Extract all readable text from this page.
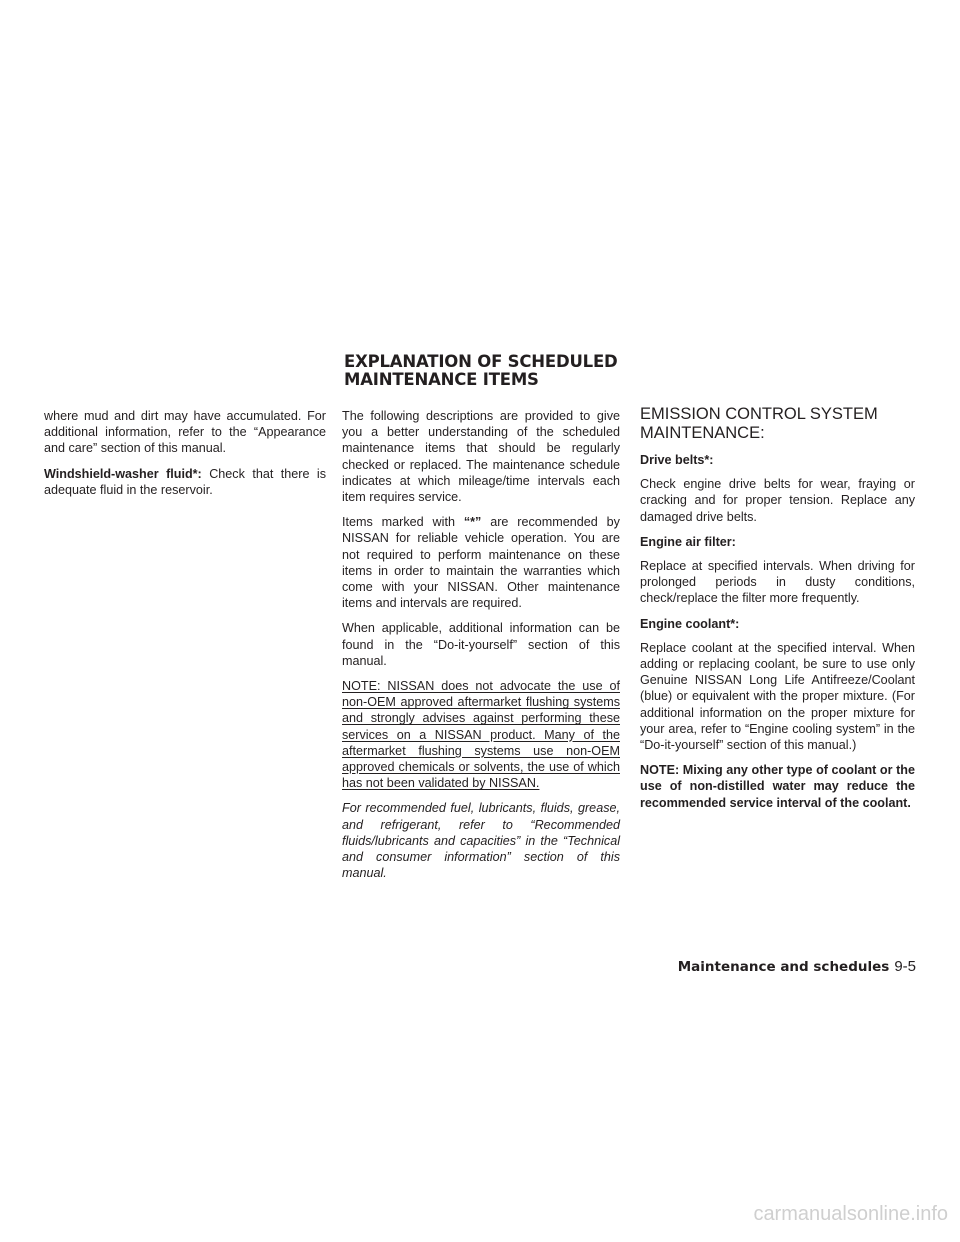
EXPLANATION OF SCHEDULED
MAINTENANCE ITEMS

where mud and dirt may have accumulated. For additional information, refer to the “Appearance and care” section of this manual.

Windshield-washer fluid*: Check that there is adequate fluid in the reservoir.

The following descriptions are provided to give you a better understanding of the scheduled maintenance items that should be regularly checked or replaced. The maintenance schedule indicates at which mileage/time intervals each item requires service.

Items marked with “*” are recommended by NISSAN for reliable vehicle operation. You are not required to perform maintenance on these items in order to maintain the warranties which come with your NISSAN. Other maintenance items and intervals are required.

When applicable, additional information can be found in the “Do-it-yourself” section of this manual.

NOTE: NISSAN does not advocate the use of non-OEM approved aftermarket flushing systems and strongly advises against performing these services on a NISSAN product. Many of the aftermarket flushing systems use non-OEM approved chemicals or solvents, the use of which has not been validated by NISSAN.

For recommended fuel, lubricants, fluids, grease, and refrigerant, refer to “Recommended fluids/lubricants and capacities” in the “Technical and consumer information” section of this manual.

EMISSION CONTROL SYSTEM MAINTENANCE:

Drive belts*:

Check engine drive belts for wear, fraying or cracking and for proper tension. Replace any damaged drive belts.

Engine air filter:

Replace at specified intervals. When driving for prolonged periods in dusty conditions, check/replace the filter more frequently.

Engine coolant*:

Replace coolant at the specified interval. When adding or replacing coolant, be sure to use only Genuine NISSAN Long Life Antifreeze/Coolant (blue) or equivalent with the proper mixture. (For additional information on the proper mixture for your area, refer to “Engine cooling system” in the “Do-it-yourself” section of this manual.)

NOTE: Mixing any other type of coolant or the use of non-distilled water may reduce the recommended service interval of the coolant.

Maintenance and schedules 9-5
carmanualsonline.info
